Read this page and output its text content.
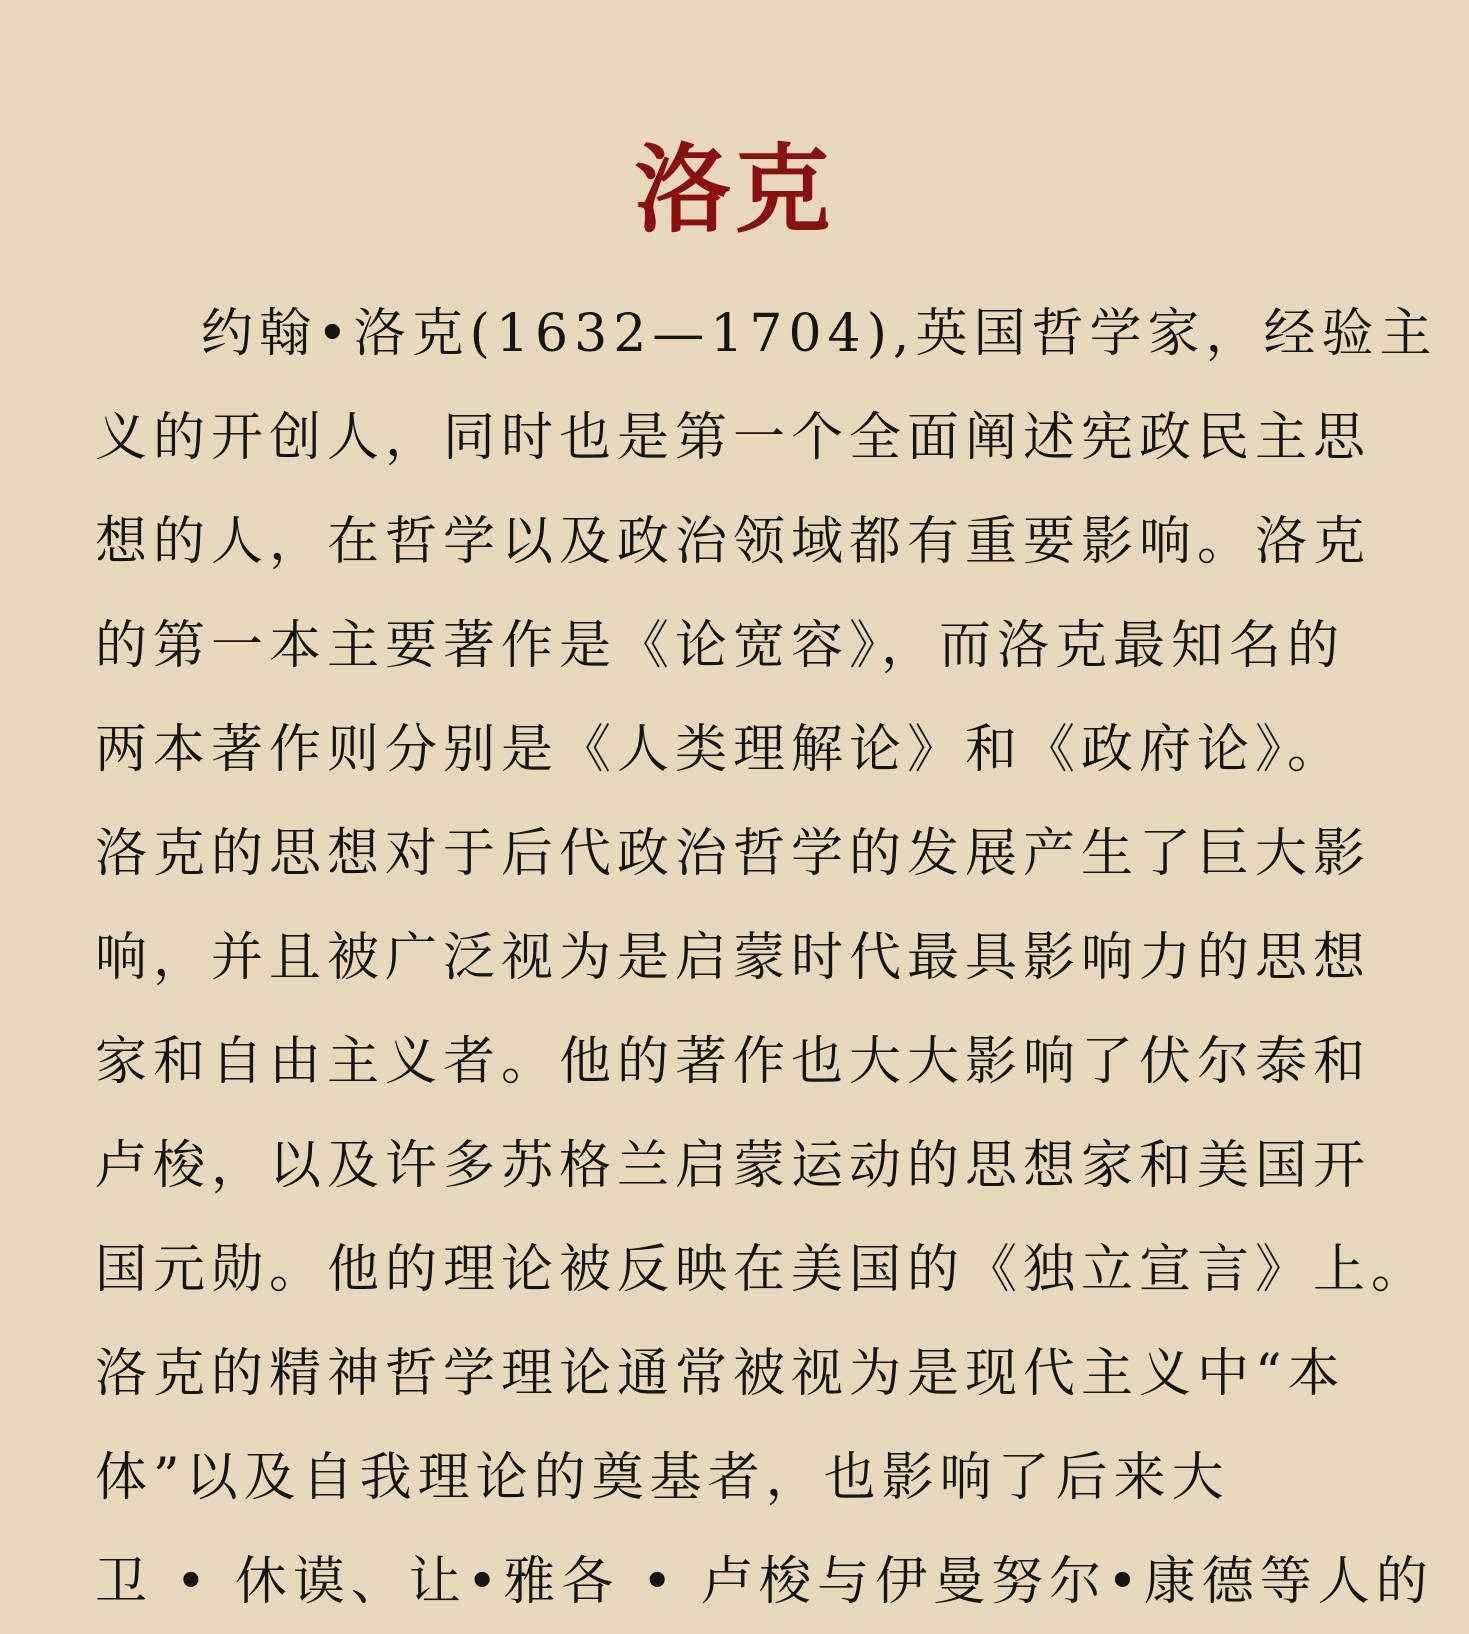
洛克
约翰•洛克(1632—1704),英国哲学家，经验主
义的开创人，同时也是第一个全面阐述宪政民主思
想的人，在哲学以及政治领域都有重要影响。洛克
的第一本主要著作是《论宽容》，而洛克最知名的
两本著作则分别是《人类理解论》和《政府论》。
洛克的思想对于后代政治哲学的发展产生了巨大影
响，并且被广泛视为是启蒙时代最具影响力的思想
家和自由主义者。他的著作也大大影响了伏尔泰和
卢梭，以及许多苏格兰启蒙运动的思想家和美国开
国元勋。他的理论被反映在美国的《独立宣言》上。
洛克的精神哲学理论通常被视为是现代主义中“本
体”以及自我理论的奠基者，也影响了后来大
卫 • 休谟、让•雅各 • 卢梭与伊曼努尔•康德等人的
